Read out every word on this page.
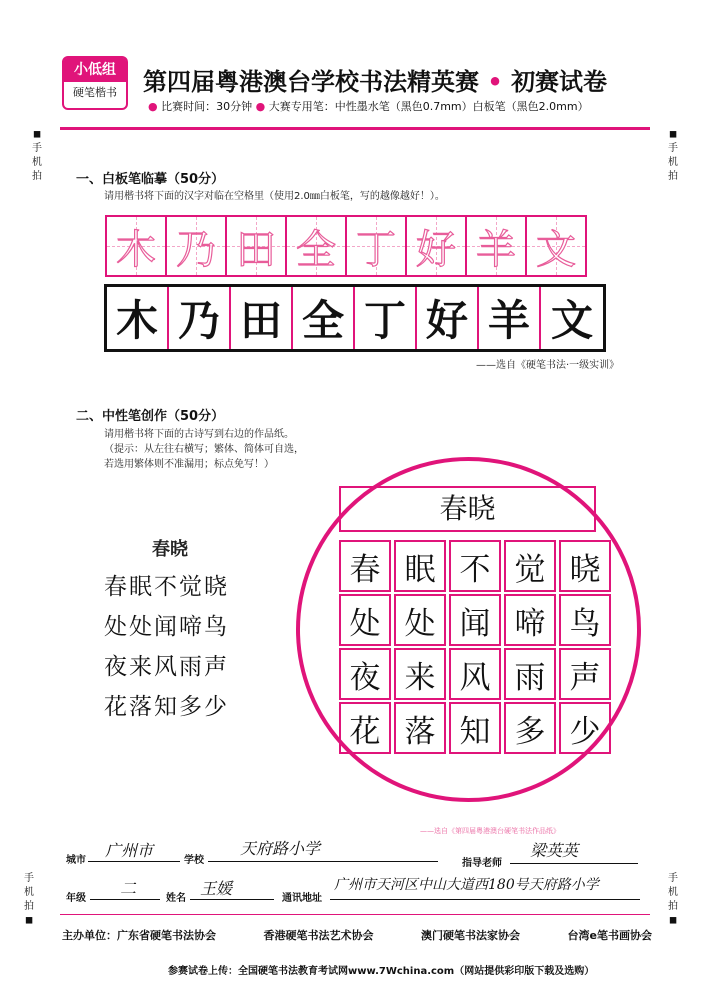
小低组
硬笔楷书	第四届粤港澳台学校书法精英赛 • 初赛试卷
● 比赛时间：30分钟 ● 大赛专用笔：中性墨水笔（黑色0.7mm）白板笔（黑色2.0mm）
◼
手机拍
◼
手机拍
手机拍
◼
手机拍
◼
一、白板笔临摹（50分）
请用楷书将下面的汉字对临在空格里（使用2.0㎜白板笔，写的越像越好！）。
木 乃 田 全 丁 好 羊 文
木 乃 田 全 丁 好 羊 文
——选自《硬笔书法·一级实训》
二、中性笔创作（50分）
请用楷书将下面的古诗写到右边的作品纸。
（提示：从左往右横写；繁体、简体可自选，
若选用繁体则不准漏用；标点免写！）
春晓
春眠不觉晓
处处闻啼鸟
夜来风雨声
花落知多少
春晓
春 眠 不 觉 晓
处 处 闻 啼 鸟
夜 来 风 雨 声
花 落 知 多 少
——选自《第四届粤港澳台硬笔书法作品纸》
城市
广州市
学校
天府路小学
指导老师
梁英英
年级
二
姓名
王媛
通讯地址
广州市天河区中山大道西180号天府路小学
主办单位：广东省硬笔书法协会	香港硬笔书法艺术协会	澳门硬笔书法家协会	台湾e笔书画协会
参赛试卷上传：全国硬笔书法教育考试网www.7Wchina.com（网站提供彩印版下载及选购）
